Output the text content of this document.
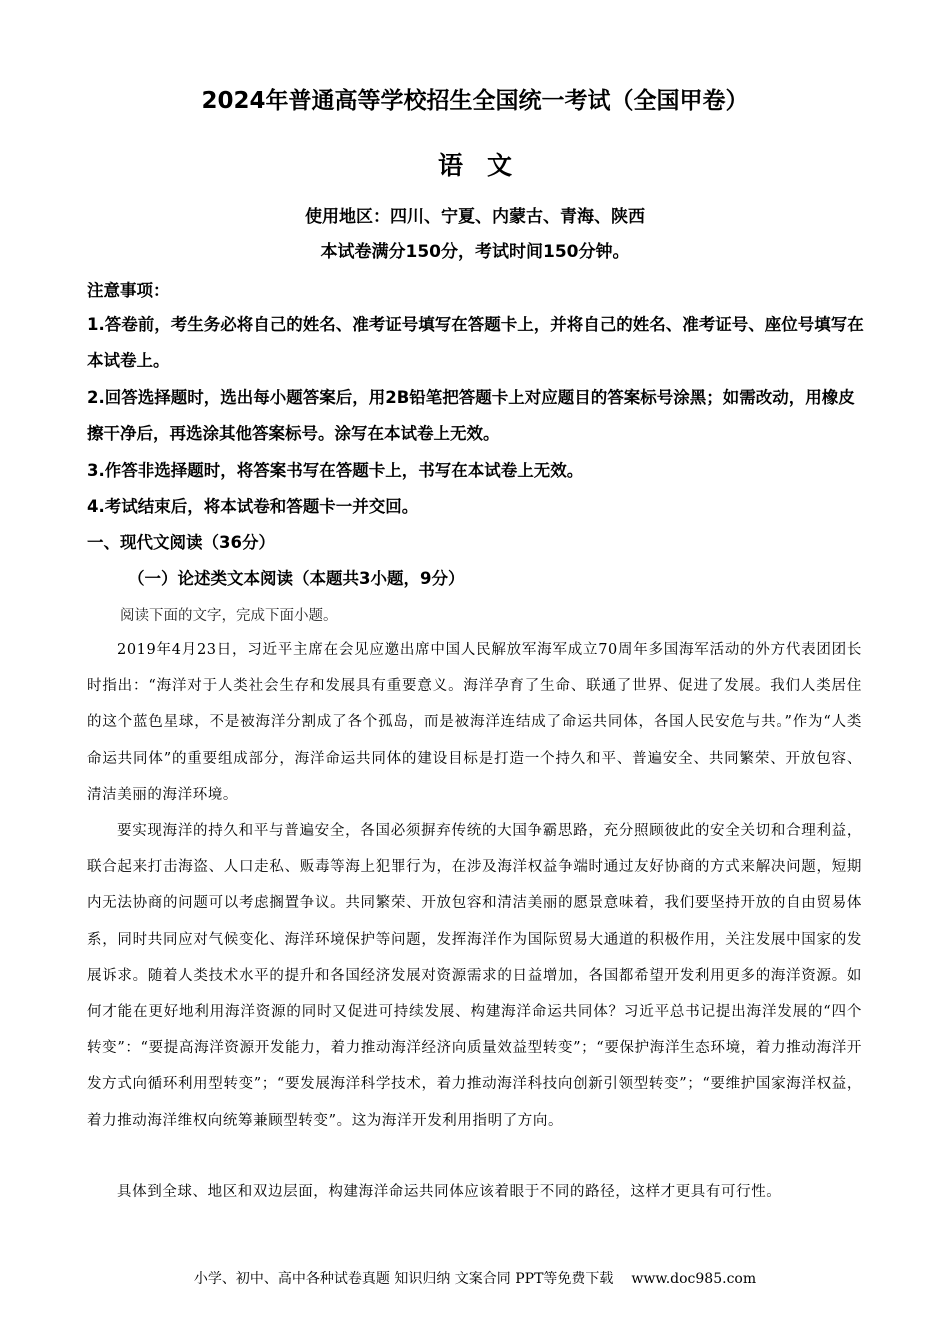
2024年普通高等学校招生全国统一考试（全国甲卷）
语文
使用地区：四川、宁夏、内蒙古、青海、陕西
本试卷满分150分，考试时间150分钟。
注意事项：
1.答卷前，考生务必将自己的姓名、准考证号填写在答题卡上，并将自己的姓名、准考证号、座位号填写在本试卷上。
2.回答选择题时，选出每小题答案后，用2B铅笔把答题卡上对应题目的答案标号涂黑；如需改动，用橡皮擦干净后，再选涂其他答案标号。涂写在本试卷上无效。
3.作答非选择题时，将答案书写在答题卡上，书写在本试卷上无效。
4.考试结束后，将本试卷和答题卡一并交回。
一、现代文阅读（36分）
（一）论述类文本阅读（本题共3小题，9分）
阅读下面的文字，完成下面小题。
2019年4月23日，习近平主席在会见应邀出席中国人民解放军海军成立70周年多国海军活动的外方代表团团长时指出：“海洋对于人类社会生存和发展具有重要意义。海洋孕育了生命、联通了世界、促进了发展。我们人类居住的这个蓝色星球，不是被海洋分割成了各个孤岛，而是被海洋连结成了命运共同体，各国人民安危与共。”作为“人类命运共同体”的重要组成部分，海洋命运共同体的建设目标是打造一个持久和平、普遍安全、共同繁荣、开放包容、清洁美丽的海洋环境。
要实现海洋的持久和平与普遍安全，各国必须摒弃传统的大国争霸思路，充分照顾彼此的安全关切和合理利益，联合起来打击海盗、人口走私、贩毒等海上犯罪行为，在涉及海洋权益争端时通过友好协商的方式来解决问题，短期内无法协商的问题可以考虑搁置争议。共同繁荣、开放包容和清洁美丽的愿景意味着，我们要坚持开放的自由贸易体系，同时共同应对气候变化、海洋环境保护等问题，发挥海洋作为国际贸易大通道的积极作用，关注发展中国家的发展诉求。随着人类技术水平的提升和各国经济发展对资源需求的日益增加，各国都希望开发利用更多的海洋资源。如何才能在更好地利用海洋资源的同时又促进可持续发展、构建海洋命运共同体？习近平总书记提出海洋发展的“四个转变”：“要提高海洋资源开发能力，着力推动海洋经济向质量效益型转变”；“要保护海洋生态环境，着力推动海洋开发方式向循环利用型转变”；“要发展海洋科学技术，着力推动海洋科技向创新引领型转变”；“要维护国家海洋权益，着力推动海洋维权向统筹兼顾型转变”。这为海洋开发利用指明了方向。
具体到全球、地区和双边层面，构建海洋命运共同体应该着眼于不同的路径，这样才更具有可行性。
小学、初中、高中各种试卷真题 知识归纳 文案合同 PPT等免费下载 www.doc985.com
